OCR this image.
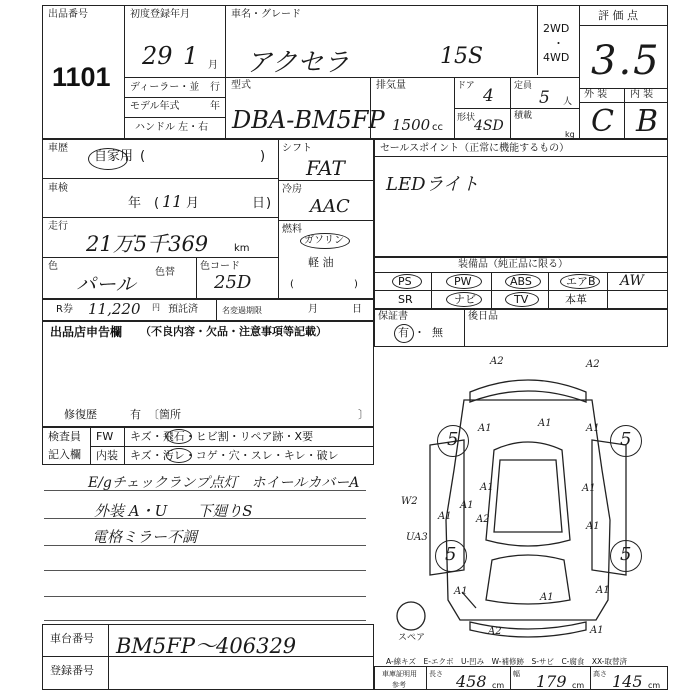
出品番号
1101
初度登録年月
29 1 月
車名・グレード
アクセラ	15S
2WD
・
4WD
評 価 点
3.5
外 装 内 装
C B
ディーラー・並 行
モデル年式	年
ハンドル 左・右
型式
DBA-BM5FP
排気量
1500 cc
ドア 4 定員
5 人
形状
4SD
積載
kg
車歴
自家用 (	)
シフト
FAT
車検
年 ( 11 月	日 )
冷房
AAC
走行
21万5千369	km
燃料
ガソリン
軽 油
(	)
色
パール 色替
色コード
25D
R券 11,220 円 預託済	名変過期限	月	日
セールスポイント（正常に機能するもの）
LEDライト
装備品（純正品に限る）
PS	PW	ABS	エアB AW
SR	ナビ	TV	本革
保証書
有 ・ 無
後日品
出品店申告欄 （不良内容・欠品・注意事項等記載）
修復歴	有 〔箇所	〕
検査員
記入欄
FW キズ・飛石・ヒビ割・リペア跡・X要
内装 キズ・汚レ・コゲ・穴・スレ・キレ・破レ
E/gチェックランプ点灯　ホイールカバーA
外装 A・U　　下廻りS
電格ミラー不調
車台番号 BM5FP～406329
登録番号
A-線キズ　E-エクボ　U-凹み　W-補修跡　S-サビ　C-腐食　XX-取替済
車庫証明用
参考
長さ 458 cm
幅 179 cm
高さ 145 cm
5	5
5	5
スペア
A2	A2
A1	A1	A1
A1
A1
W2
A1 A2
UA3
A1
A1
A1
A1
A2	A1
A1
